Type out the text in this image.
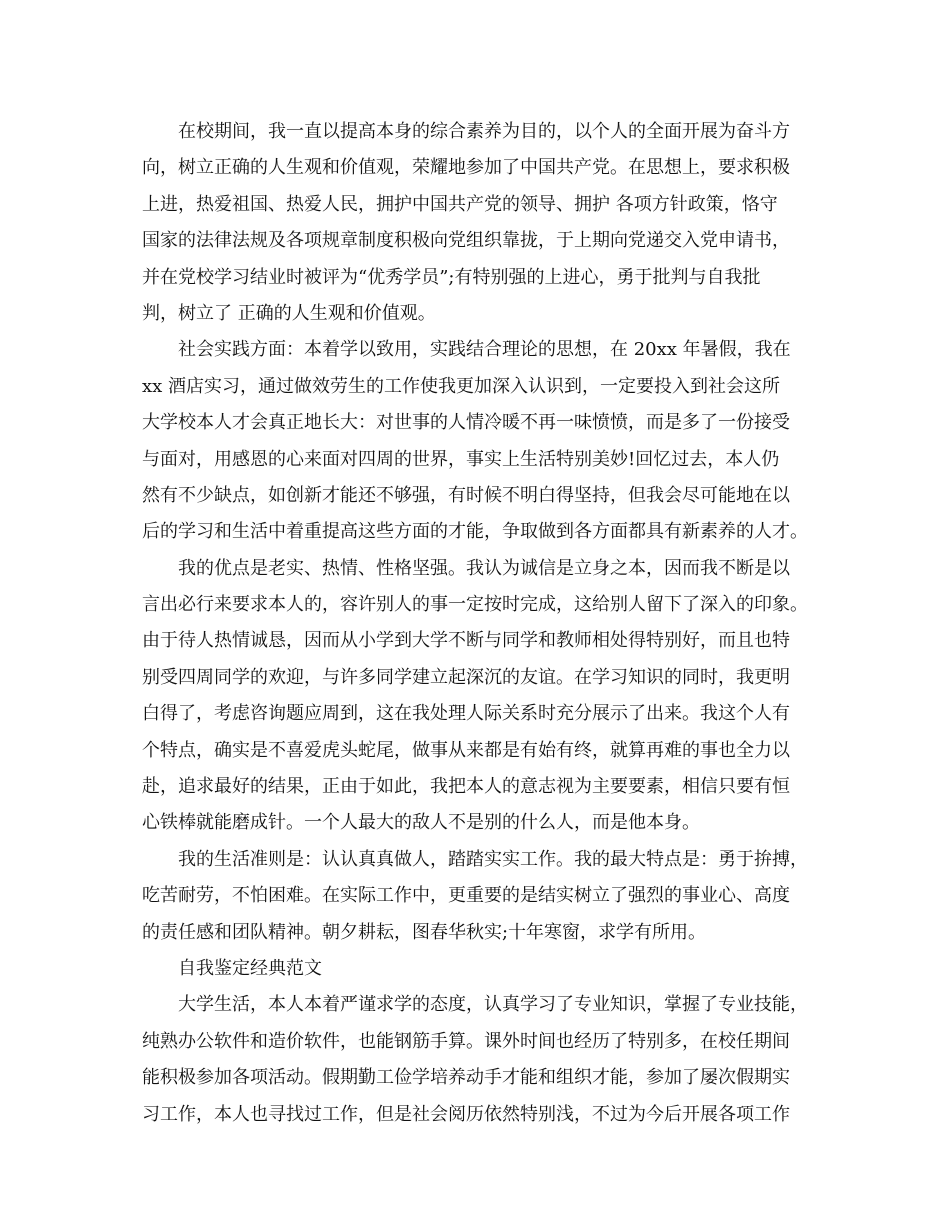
在校期间，我一直以提高本身的综合素养为目的，以个人的全面开展为奋斗方
向，树立正确的人生观和价值观，荣耀地参加了中国共产党。在思想上，要求积极
上进，热爱祖国、热爱人民，拥护中国共产党的领导、拥护 各项方针政策，恪守
国家的法律法规及各项规章制度积极向党组织靠拢，于上期向党递交入党申请书，
并在党校学习结业时被评为“优秀学员”;有特别强的上进心，勇于批判与自我批
判，树立了 正确的人生观和价值观。
社会实践方面：本着学以致用，实践结合理论的思想，在 20xx 年暑假，我在
xx 酒店实习，通过做效劳生的工作使我更加深入认识到，一定要投入到社会这所
大学校本人才会真正地长大：对世事的人情冷暖不再一味愤愤，而是多了一份接受
与面对，用感恩的心来面对四周的世界，事实上生活特别美妙!回忆过去，本人仍
然有不少缺点，如创新才能还不够强，有时候不明白得坚持，但我会尽可能地在以
后的学习和生活中着重提高这些方面的才能，争取做到各方面都具有新素养的人才。
我的优点是老实、热情、性格坚强。我认为诚信是立身之本，因而我不断是以
言出必行来要求本人的，容许别人的事一定按时完成，这给别人留下了深入的印象。
由于待人热情诚恳，因而从小学到大学不断与同学和教师相处得特别好，而且也特
别受四周同学的欢迎，与许多同学建立起深沉的友谊。在学习知识的同时，我更明
白得了，考虑咨询题应周到，这在我处理人际关系时充分展示了出来。我这个人有
个特点，确实是不喜爱虎头蛇尾，做事从来都是有始有终，就算再难的事也全力以
赴，追求最好的结果，正由于如此，我把本人的意志视为主要要素，相信只要有恒
心铁棒就能磨成针。一个人最大的敌人不是别的什么人，而是他本身。
我的生活准则是：认认真真做人，踏踏实实工作。我的最大特点是：勇于拚搏，
吃苦耐劳，不怕困难。在实际工作中，更重要的是结实树立了强烈的事业心、高度
的责任感和团队精神。朝夕耕耘，图春华秋实;十年寒窗，求学有所用。
自我鉴定经典范文
大学生活，本人本着严谨求学的态度，认真学习了专业知识，掌握了专业技能，
纯熟办公软件和造价软件，也能钢筋手算。课外时间也经历了特别多，在校任期间
能积极参加各项活动。假期勤工俭学培养动手才能和组织才能，参加了屡次假期实
习工作，本人也寻找过工作，但是社会阅历依然特别浅，不过为今后开展各项工作
